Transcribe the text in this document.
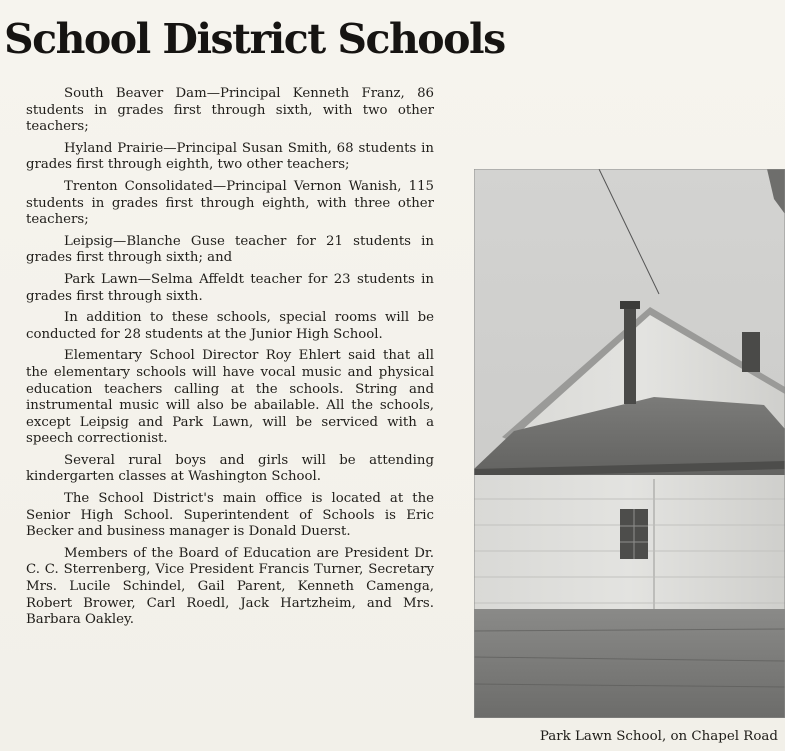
School District Schools

South Beaver Dam—Principal Kenneth Franz, 86 students in grades first through sixth, with two other teachers;

Hyland Prairie—Principal Susan Smith, 68 students in grades first through eighth, two other teachers;

Trenton Consolidated—Principal Vernon Wanish, 115 students in grades first through eighth, with three other teachers;

Leipsig—Blanche Guse teacher for 21 students in grades first through sixth; and

Park Lawn—Selma Affeldt teacher for 23 students in grades first through sixth.

In addition to these schools, special rooms will be conducted for 28 students at the Junior High School.

Elementary School Director Roy Ehlert said that all the elementary schools will have vocal music and physical education teachers calling at the schools. String and instrumental music will also be abailable. All the schools, except Leipsig and Park Lawn, will be serviced with a speech correctionist.

Several rural boys and girls will be attending kindergarten classes at Washington School.

The School District's main office is located at the Senior High School. Superintendent of Schools is Eric Becker and business manager is Donald Duerst.

Members of the Board of Education are President Dr. C. C. Sterrenberg, Vice President Francis Turner, Secretary Mrs. Lucile Schindel, Gail Parent, Kenneth Camenga, Robert Brower, Carl Roedl, Jack Hartzheim, and Mrs. Barbara Oakley.

Park Lawn School, on Chapel Road
